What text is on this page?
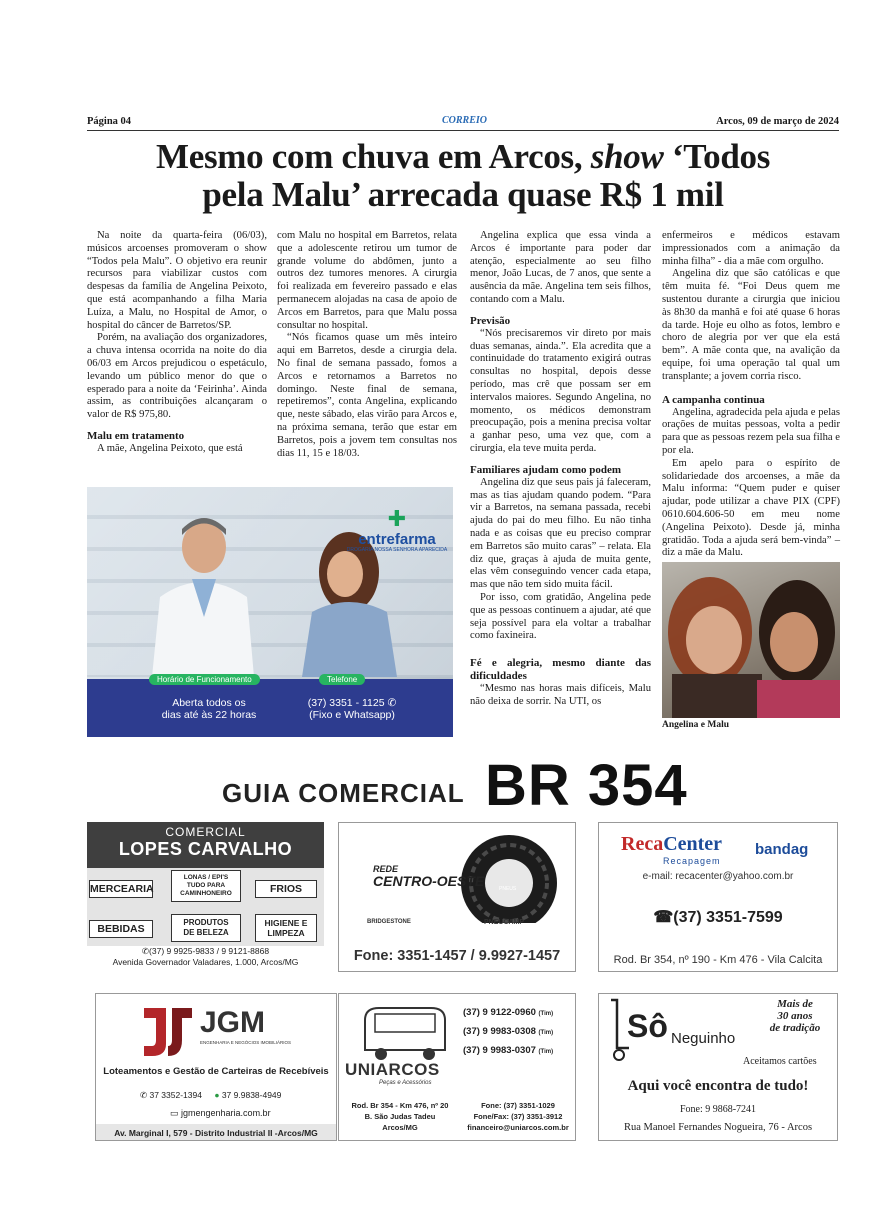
Página 04	CORREIO	Arcos, 09 de março de 2024
Mesmo com chuva em Arcos, show ‘Todos
pela Malu’ arrecada quase R$ 1 mil

Na noite da quarta-feira (06/03), músicos arcoenses promoveram o show “Todos pela Malu”. O objetivo era reunir recursos para viabilizar custos com despesas da família de Angelina Peixoto, que está acompanhando a filha Maria Luíza, a Malu, no Hospital de Amor, o hospital do câncer de Barretos/SP.

Porém, na avaliação dos organizadores, a chuva intensa ocorrida na noite do dia 06/03 em Arcos prejudicou o espetáculo, levando um público menor do que o esperado para a noite da ‘Feirinha’. Ainda assim, as contribuições alcançaram o valor de R$ 975,80.

Malu em tratamento

A mãe, Angelina Peixoto, que está

com Malu no hospital em Barretos, relata que a adolescente retirou um tumor de grande volume do abdômen, junto a outros dez tumores menores. A cirurgia foi realizada em fevereiro passado e elas permanecem alojadas na casa de apoio de Arcos em Barretos, para que Malu possa consultar no hospital.

“Nós ficamos quase um mês inteiro aqui em Barretos, desde a cirurgia dela. No final de semana passado, fomos a Arcos e retornamos a Barretos no domingo. Neste final de semana, repetiremos”, conta Angelina, explicando que, neste sábado, elas virão para Arcos e, na próxima semana, terão que estar em Barretos, pois a jovem tem consultas nos dias 11, 15 e 18/03.

Angelina explica que essa vinda a Arcos é importante para poder dar atenção, especialmente ao seu filho menor, João Lucas, de 7 anos, que sente a ausência da mãe. Angelina tem seis filhos, contando com a Malu.

Previsão

“Nós precisaremos vir direto por mais duas semanas, ainda.”. Ela acredita que a continuidade do tratamento exigirá outras consultas no hospital, depois desse período, mas crê que possam ser em intervalos maiores. Segundo Angelina, no momento, os médicos demonstram preocupação, pois a menina precisa voltar a ganhar peso, uma vez que, com a cirurgia, ela teve muita perda.

Familiares ajudam como podem

Angelina diz que seus pais já faleceram, mas as tias ajudam quando podem. “Para vir a Barretos, na semana passada, recebi ajuda do pai do meu filho. Eu não tinha nada e as coisas que eu preciso comprar em Barretos são muito caras” – relata. Ela diz que, graças à ajuda de muita gente, elas vêm conseguindo vencer cada etapa, mas que não tem sido muita fácil.

Por isso, com gratidão, Angelina pede que as pessoas continuem a ajudar, até que seja possível para ela voltar a trabalhar como faxineira.

Fé e alegria, mesmo diante das dificuldades

“Mesmo nas horas mais difíceis, Malu não deixa de sorrir. Na UTI, os

enfermeiros e médicos estavam impressionados com a animação da minha filha” - dia a mãe com orgulho.

Angelina diz que são católicas e que têm muita fé. “Foi Deus quem me sustentou durante a cirurgia que iniciou às 8h30 da manhã e foi até quase 6 horas da tarde. Hoje eu olho as fotos, lembro e choro de alegria por ver que ela está bem”. A mãe conta que, na avalição da equipe, foi uma operação tal qual um transplante; a jovem corria risco.

A campanha continua

Angelina, agradecida pela ajuda e pelas orações de muitas pessoas, volta a pedir para que as pessoas rezem pela sua filha e por ela.

Em apelo para o espírito de solidariedade dos arcoenses, a mãe da Malu informa: “Quem puder e quiser ajudar, pode utilizar a chave PIX (CPF) 0610.604.606-50 em meu nome (Angelina Peixoto). Desde já, minha gratidão. Toda a ajuda será bem-vinda” – diz a mãe da Malu.

Angelina e Malu
✚
entrefarma
DROGARIA NOSSA SENHORA APARECIDA
Horário de Funcionamento	Telefone
Aberta todos os
dias até às 22 horas
(37) 3351 - 1125 ✆
(Fixo e Whatsapp)
GUIA COMERCIAL BR 354
COMERCIAL
LOPES CARVALHO
MERCEARIA
LONAS / EPI'S
TUDO PARA
CAMINHONEIRO	FRIOS
BEBIDAS
PRODUTOS
DE BELEZA
HIGIENE E
LIMPEZA
✆(37) 9 9925-9833 / 9 9121-8868
Avenida Governador Valadares, 1.000, Arcos/MG
REDE
CENTRO-OESTE	PNEUS
BRIDGESTONE	PNEUCAMP
Fone: 3351-1457 / 9.9927-1457
RecaCenter
Recapagem
bandag
e-mail: recacenter@yahoo.com.br
☎(37) 3351-7599
Rod. Br 354, nº 190 - Km 476 - Vila Calcita
JGM
ENGENHARIA E NEGÓCIOS IMOBILIÁRIOS
Loteamentos e Gestão de Carteiras de Recebíveis
✆ 37 3352-1394 ● 37 9.9838-4949
▭ jgmengenharia.com.br
Av. Marginal I, 579 - Distrito Industrial II -Arcos/MG
UNIARCOS
Peças e Acessórios
(37) 9 9122-0960 (Tim)
(37) 9 9983-0308 (Tim)
(37) 9 9983-0307 (Tim)
Rod. Br 354 - Km 476, nº 20
B. São Judas Tadeu
Arcos/MG
Fone: (37) 3351-1029
Fone/Fax: (37) 3351-3912
financeiro@uniarcos.com.br
Sô Neguinho
Mais de
30 anos
de tradição
Aceitamos cartões
Aqui você encontra de tudo!
Fone: 9 9868-7241
Rua Manoel Fernandes Nogueira, 76 - Arcos
